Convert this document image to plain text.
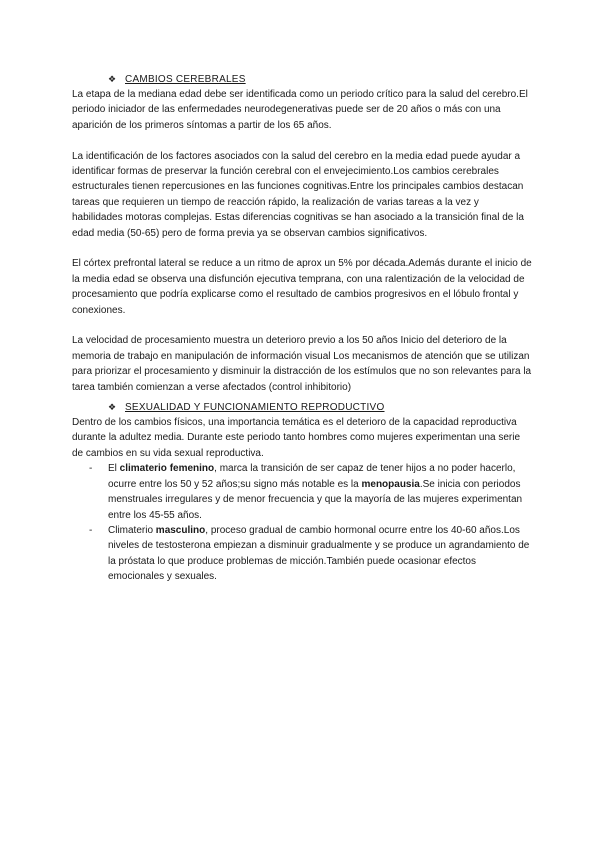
❖ CAMBIOS CEREBRALES

La etapa de la mediana edad debe ser identificada como un periodo crítico para la salud del cerebro.El periodo iniciador de las enfermedades neurodegenerativas puede ser de 20 años o más con una aparición de los primeros síntomas a partir de los 65 años.

La identificación de los factores asociados con la salud del cerebro en la media edad puede ayudar a identificar formas de preservar la función cerebral con el envejecimiento.Los cambios cerebrales estructurales tienen repercusiones en las funciones cognitivas.Entre los principales cambios destacan tareas que requieren un tiempo de reacción rápido, la realización de varias tareas a la vez y habilidades motoras complejas. Estas diferencias cognitivas se han asociado a la transición final de la edad media (50-65) pero de forma previa ya se observan cambios significativos.

El córtex prefrontal lateral se reduce a un ritmo de aprox un 5% por década.Además durante el inicio de la media edad se observa una disfunción ejecutiva temprana, con una ralentización de la velocidad de procesamiento que podría explicarse como el resultado de cambios progresivos en el lóbulo frontal y conexiones.

La velocidad de procesamiento muestra un deterioro previo a los 50 años Inicio del deterioro de la memoria de trabajo en manipulación de información visual Los mecanismos de atención que se utilizan para priorizar el procesamiento y disminuir la distracción de los estímulos que no son relevantes para la tarea también comienzan a verse afectados (control inhibitorio)

❖ SEXUALIDAD Y FUNCIONAMIENTO REPRODUCTIVO

Dentro de los cambios físicos, una importancia temática es el deterioro de la capacidad reproductiva durante la adultez media. Durante este periodo tanto hombres como mujeres experimentan una serie de cambios en su vida sexual reproductiva.

- El climaterio femenino, marca la transición de ser capaz de tener hijos a no poder hacerlo, ocurre entre los 50 y 52 años;su signo más notable es la menopausia.Se inicia con periodos menstruales irregulares y de menor frecuencia y que la mayoría de las mujeres experimentan entre los 45-55 años.
- Climaterio masculino, proceso gradual de cambio hormonal ocurre entre los 40-60 años.Los niveles de testosterona empiezan a disminuir gradualmente y se produce un agrandamiento de la próstata lo que produce problemas de micción.También puede ocasionar efectos emocionales y sexuales.
